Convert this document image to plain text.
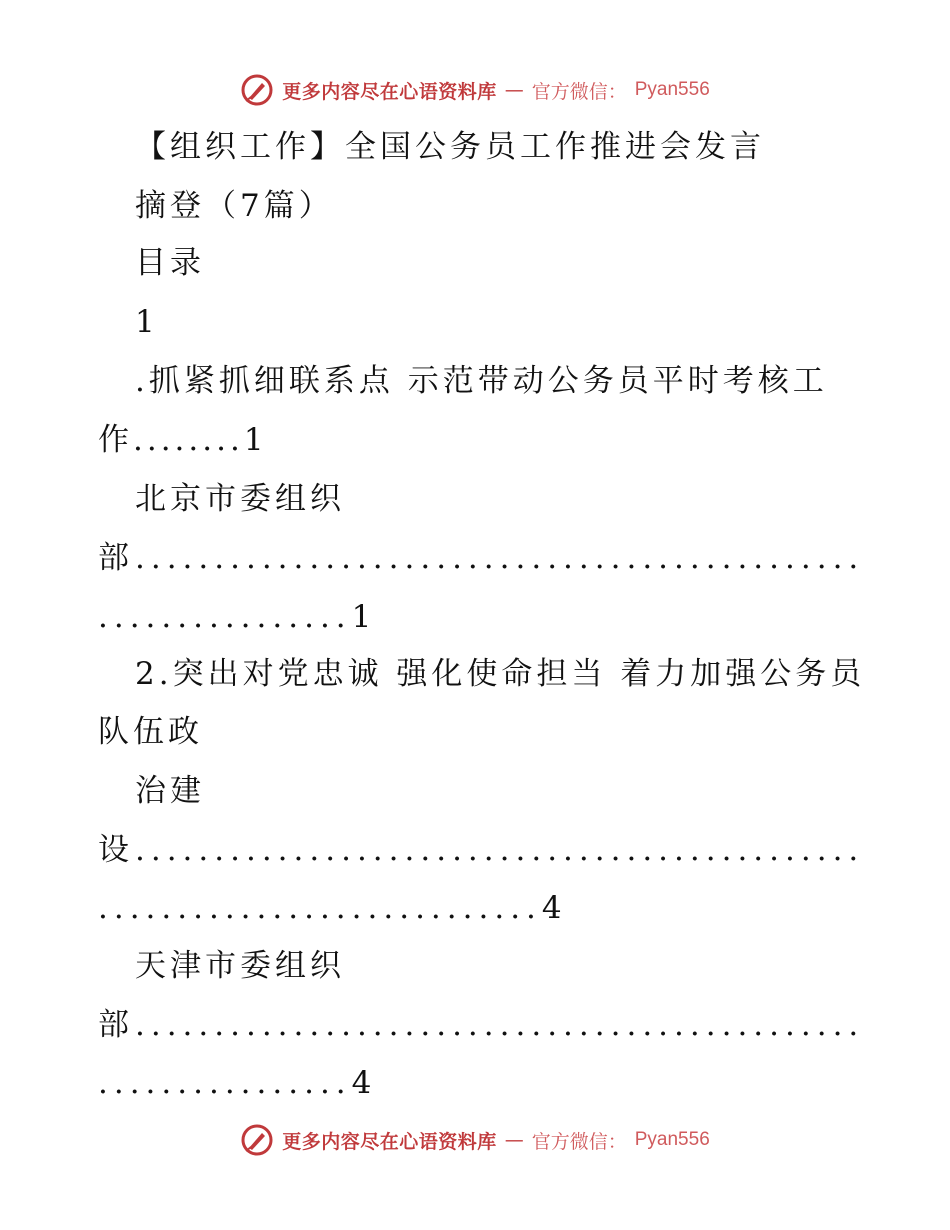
更多内容尽在心语资料库 — 官方微信： Pyan556
【组织工作】全国公务员工作推进会发言
摘登（7篇）
目录
1
.抓紧抓细联系点 示范带动公务员平时考核工
作........1
北京市委组织
部..............................................
................1
2.突出对党忠诚 强化使命担当 着力加强公务员
队伍政
治建
设..............................................
............................4
天津市委组织
部..............................................
................4
更多内容尽在心语资料库 — 官方微信： Pyan556
